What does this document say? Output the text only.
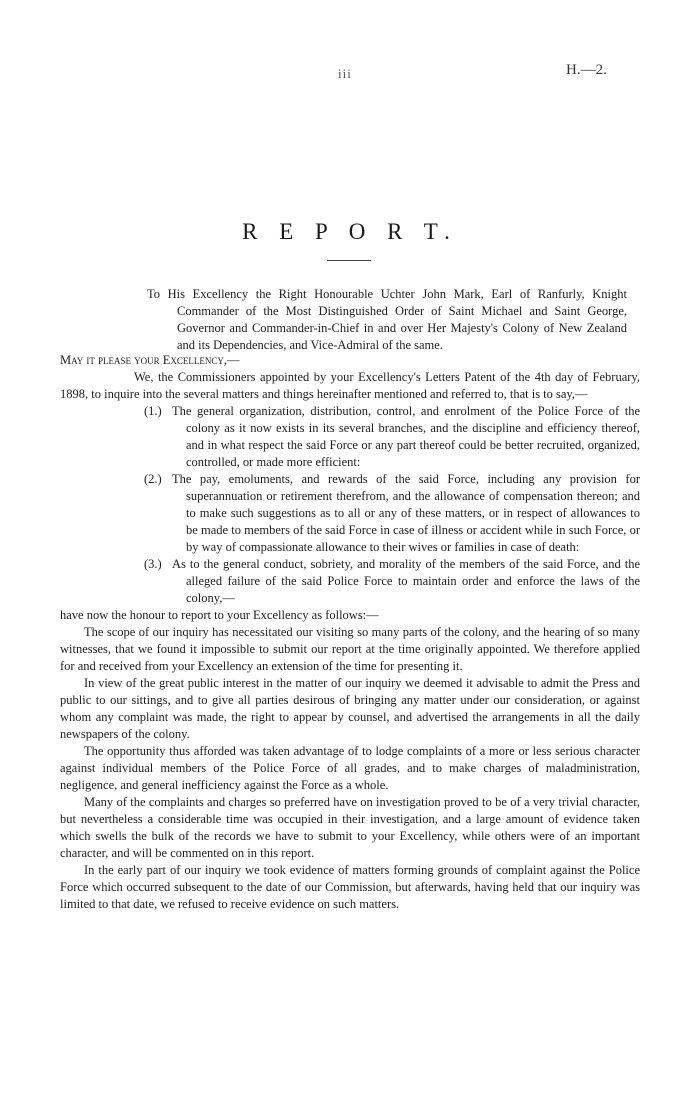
iii	H.—2.
R E P O R T.
To His Excellency the Right Honourable Uchter John Mark, Earl of Ranfurly, Knight Commander of the Most Distinguished Order of Saint Michael and Saint George, Governor and Commander-in-Chief in and over Her Majesty's Colony of New Zealand and its Dependencies, and Vice-Admiral of the same.
May it please your Excellency,—

We, the Commissioners appointed by your Excellency's Letters Patent of the 4th day of February, 1898, to inquire into the several matters and things hereinafter mentioned and referred to, that is to say,—

(1.) The general organization, distribution, control, and enrolment of the Police Force of the colony as it now exists in its several branches, and the discipline and efficiency thereof, and in what respect the said Force or any part thereof could be better recruited, organized, controlled, or made more efficient:
(2.) The pay, emoluments, and rewards of the said Force, including any provision for superannuation or retirement therefrom, and the allowance of compensation thereon; and to make such suggestions as to all or any of these matters, or in respect of allowances to be made to members of the said Force in case of illness or accident while in such Force, or by way of compassionate allowance to their wives or families in case of death:
(3.) As to the general conduct, sobriety, and morality of the members of the said Force, and the alleged failure of the said Police Force to maintain order and enforce the laws of the colony,—

have now the honour to report to your Excellency as follows:—

The scope of our inquiry has necessitated our visiting so many parts of the colony, and the hearing of so many witnesses, that we found it impossible to submit our report at the time originally appointed. We therefore applied for and received from your Excellency an extension of the time for presenting it.

In view of the great public interest in the matter of our inquiry we deemed it advisable to admit the Press and public to our sittings, and to give all parties desirous of bringing any matter under our consideration, or against whom any complaint was made, the right to appear by counsel, and advertised the arrangements in all the daily newspapers of the colony.

The opportunity thus afforded was taken advantage of to lodge complaints of a more or less serious character against individual members of the Police Force of all grades, and to make charges of maladministration, negligence, and general inefficiency against the Force as a whole.

Many of the complaints and charges so preferred have on investigation proved to be of a very trivial character, but nevertheless a considerable time was occupied in their investigation, and a large amount of evidence taken which swells the bulk of the records we have to submit to your Excellency, while others were of an important character, and will be commented on in this report.

In the early part of our inquiry we took evidence of matters forming grounds of complaint against the Police Force which occurred subsequent to the date of our Commission, but afterwards, having held that our inquiry was limited to that date, we refused to receive evidence on such matters.
